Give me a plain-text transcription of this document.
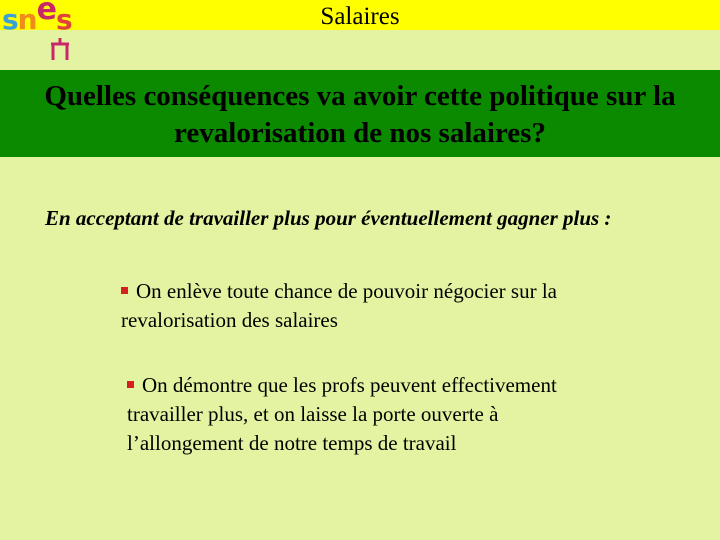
snes	Salaires
Quelles conséquences va avoir cette politique sur la
revalorisation de nos salaires?
En acceptant de travailler plus pour éventuellement gagner plus :
On enlève toute chance de pouvoir négocier sur la
revalorisation des salaires
On démontre que les profs peuvent effectivement
travailler plus, et on laisse la porte ouverte à
l’allongement de notre temps de travail
